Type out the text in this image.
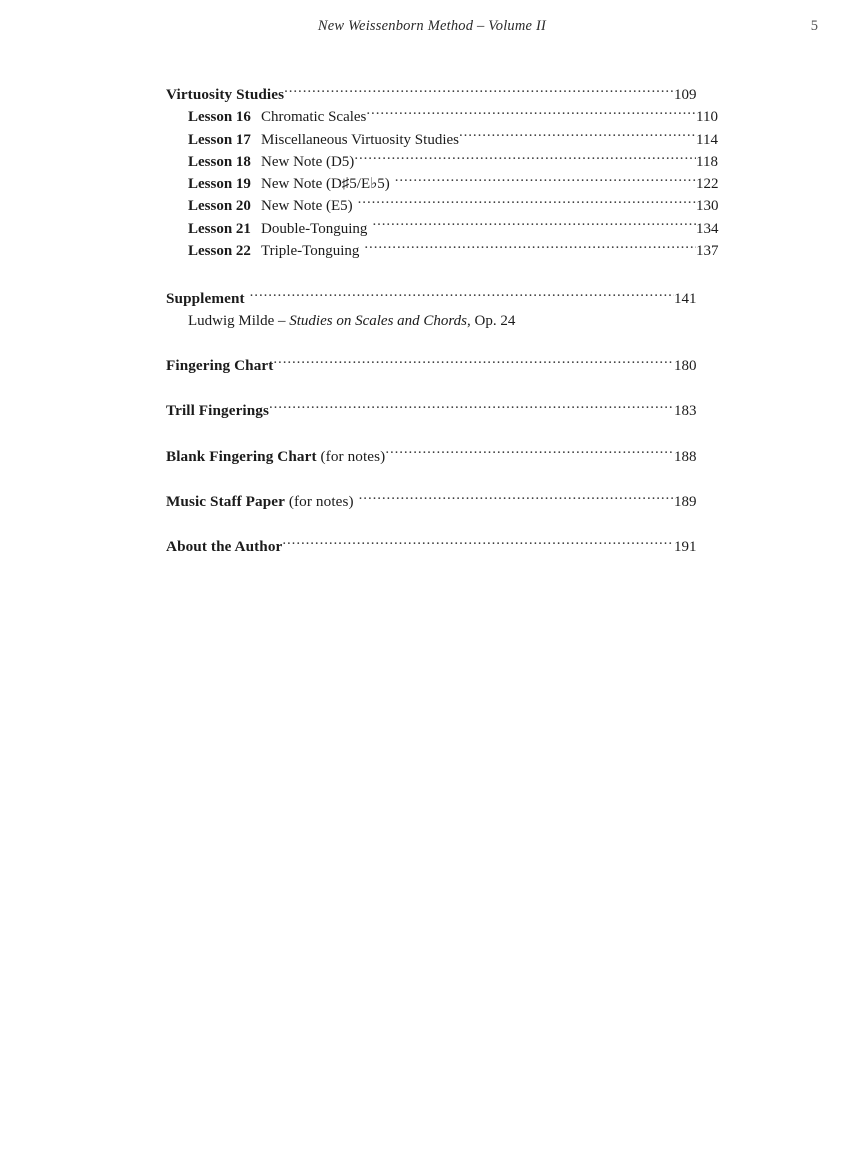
New Weissenborn Method – Volume II	5
Virtuosity Studies .....	109
Lesson 16 Chromatic Scales .....	110
Lesson 17 Miscellaneous Virtuosity Studies .....	114
Lesson 18 New Note (D5) .....	118
Lesson 19 New Note (D♯5/E♭5) .....	122
Lesson 20 New Note (E5) .....	130
Lesson 21 Double-Tonguing .....	134
Lesson 22 Triple-Tonguing .....	137
Supplement .....	141
Ludwig Milde – Studies on Scales and Chords, Op. 24
Fingering Chart .....	180
Trill Fingerings .....	183
Blank Fingering Chart (for notes) .....	188
Music Staff Paper (for notes) .....	189
About the Author .....	191
